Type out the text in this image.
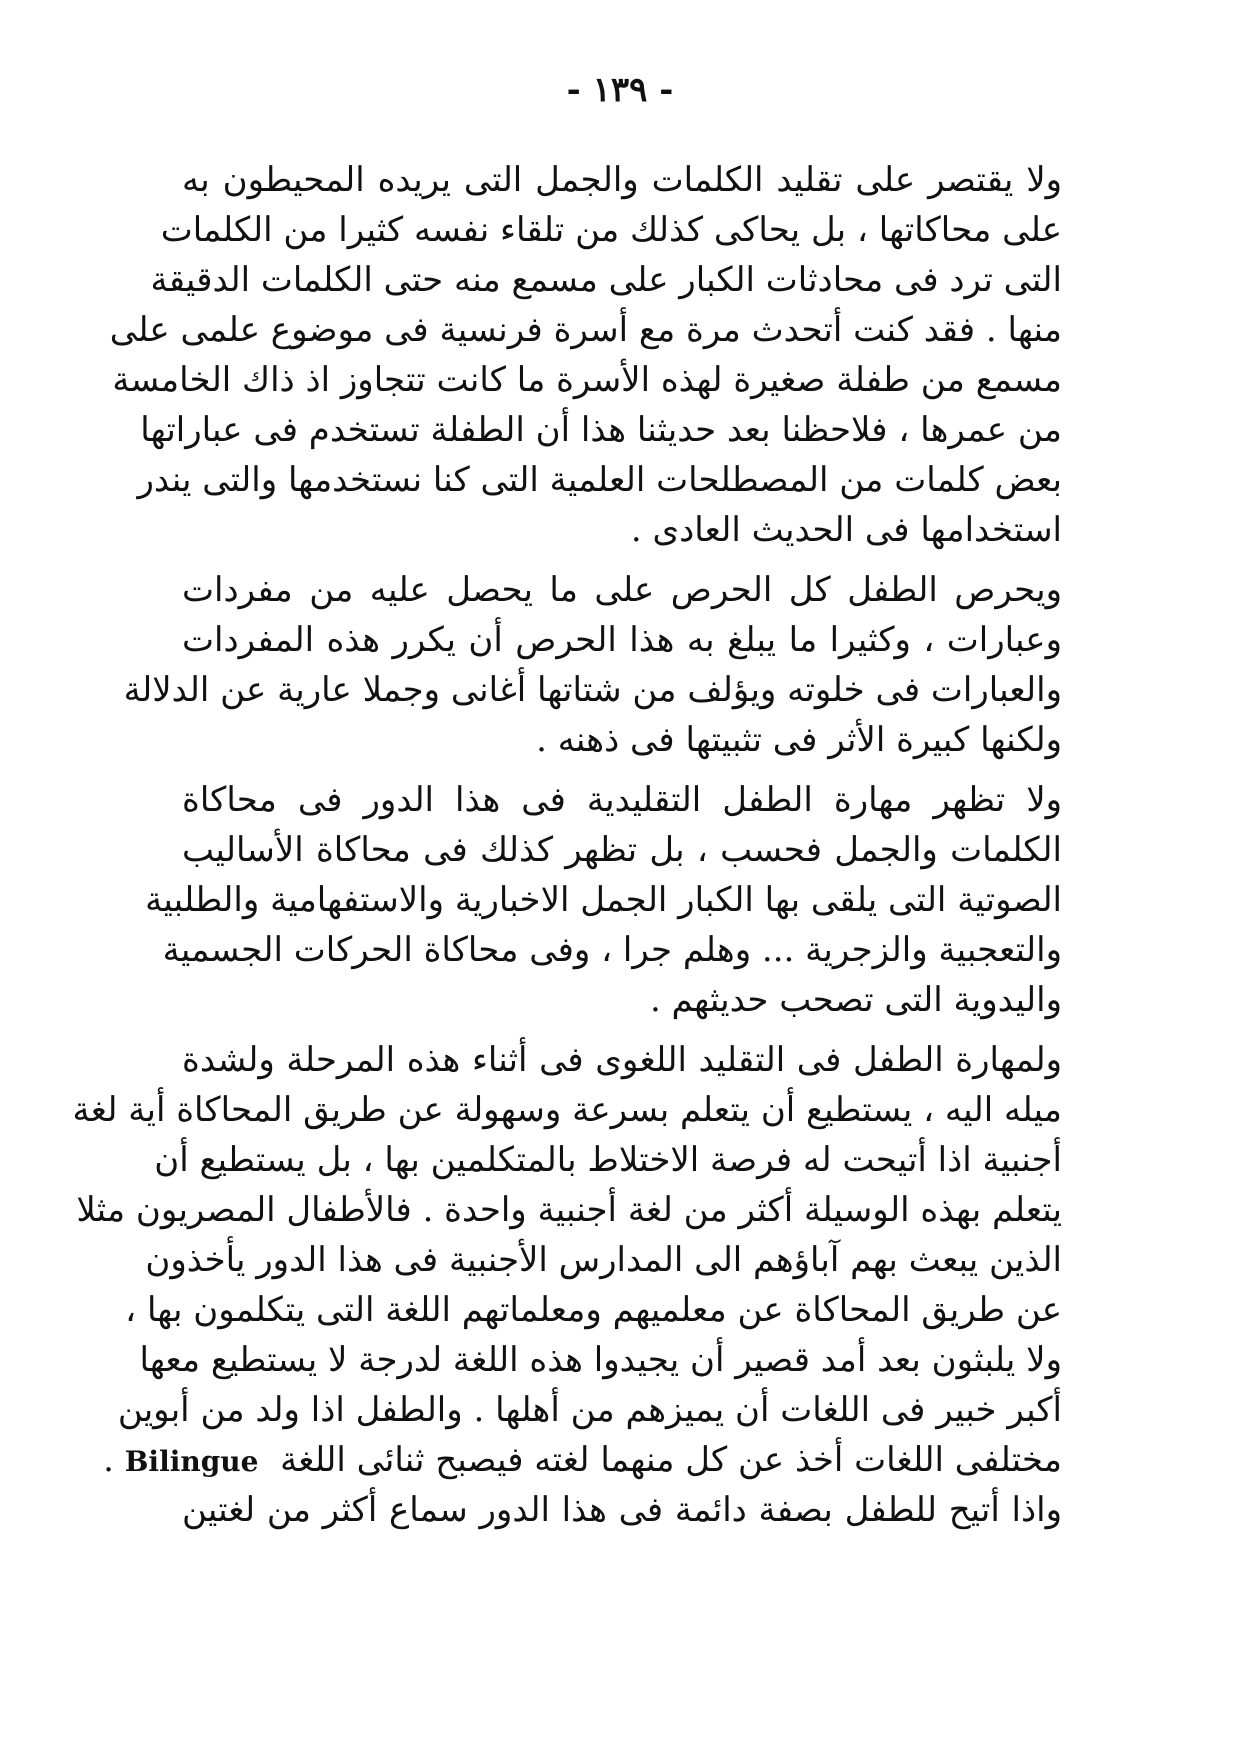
- ١٣٩ -
ولا يقتصر على تقليد الكلمات والجمل التى يريده المحيطون به
على محاكاتها ، بل يحاكى كذلك من تلقاء نفسه كثيرا من الكلمات
التى ترد فى محادثات الكبار على مسمع منه حتى الكلمات الدقيقة
منها . فقد كنت أتحدث مرة مع أسرة فرنسية فى موضوع علمى على
مسمع من طفلة صغيرة لهذه الأسرة ما كانت تتجاوز اذ ذاك الخامسة
من عمرها ، فلاحظنا بعد حديثنا هذا أن الطفلة تستخدم فى عباراتها
بعض كلمات من المصطلحات العلمية التى كنا نستخدمها والتى يندر
استخدامها فى الحديث العادى .
ويحرص الطفل كل الحرص على ما يحصل عليه من مفردات
وعبارات ، وكثيرا ما يبلغ به هذا الحرص أن يكرر هذه المفردات
والعبارات فى خلوته ويؤلف من شتاتها أغانى وجملا عارية عن الدلالة
ولكنها كبيرة الأثر فى تثبيتها فى ذهنه .
ولا تظهر مهارة الطفل التقليدية فى هذا الدور فى محاكاة
الكلمات والجمل فحسب ، بل تظهر كذلك فى محاكاة الأساليب
الصوتية التى يلقى بها الكبار الجمل الاخبارية والاستفهامية والطلبية
والتعجبية والزجرية ... وهلم جرا ، وفى محاكاة الحركات الجسمية
واليدوية التى تصحب حديثهم .
ولمهارة الطفل فى التقليد اللغوى فى أثناء هذه المرحلة ولشدة
ميله اليه ، يستطيع أن يتعلم بسرعة وسهولة عن طريق المحاكاة أية لغة
أجنبية اذا أتيحت له فرصة الاختلاط بالمتكلمين بها ، بل يستطيع أن
يتعلم بهذه الوسيلة أكثر من لغة أجنبية واحدة . فالأطفال المصريون مثلا
الذين يبعث بهم آباؤهم الى المدارس الأجنبية فى هذا الدور يأخذون
عن طريق المحاكاة عن معلميهم ومعلماتهم اللغة التى يتكلمون بها ،
ولا يلبثون بعد أمد قصير أن يجيدوا هذه اللغة لدرجة لا يستطيع معها
أكبر خبير فى اللغات أن يميزهم من أهلها . والطفل اذا ولد من أبوين
مختلفى اللغات أخذ عن كل منهما لغته فيصبح ثنائى اللغة  Bilingue .
واذا أتيح للطفل بصفة دائمة فى هذا الدور سماع أكثر من لغتين
